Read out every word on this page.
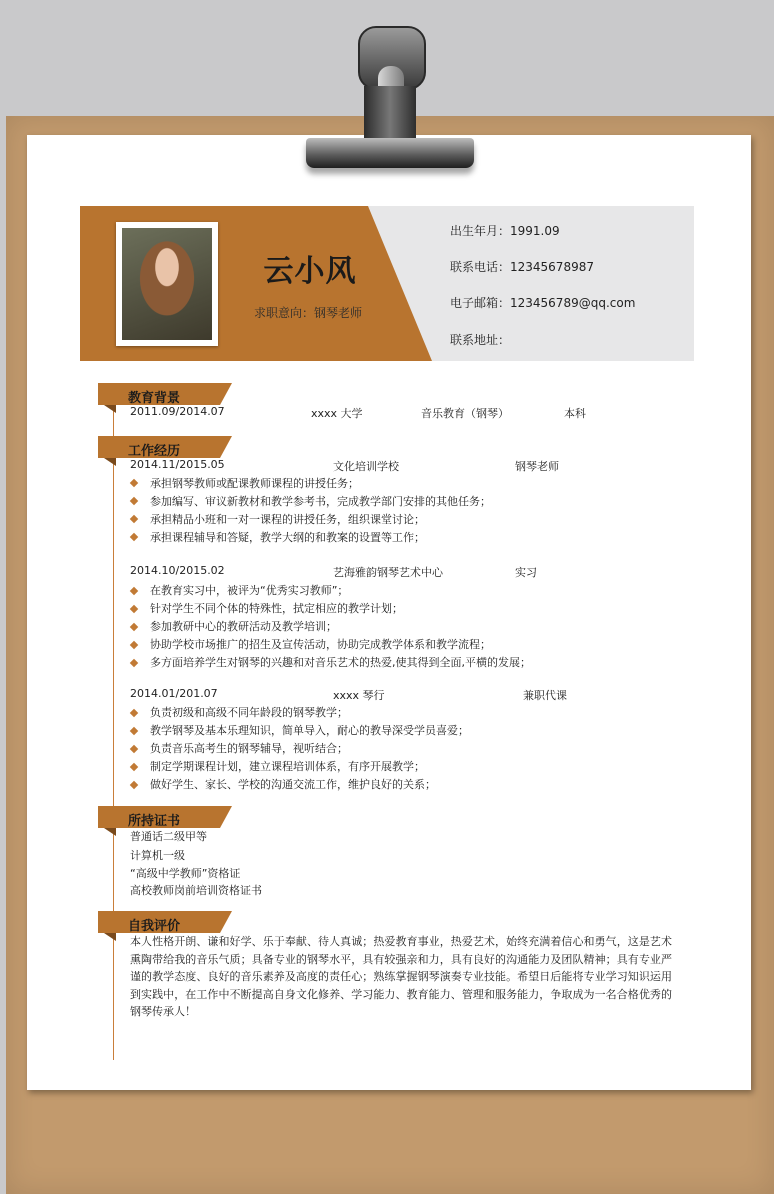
云小风
求职意向：钢琴老师
出生年月：1991.09
联系电话：12345678987
电子邮箱：123456789@qq.com
联系地址：
教育背景
2011.09/2014.07	xxxx 大学	音乐教育（钢琴）	本科
工作经历
2014.11/2015.05	文化培训学校	钢琴老师
承担钢琴教师或配课教师课程的讲授任务；
参加编写、审议新教材和教学参考书，完成教学部门安排的其他任务；
承担精品小班和一对一课程的讲授任务，组织课堂讨论；
承担课程辅导和答疑，教学大纲的和教案的设置等工作；
2014.10/2015.02	艺海雅韵钢琴艺术中心	实习
在教育实习中，被评为“优秀实习教师”；
针对学生不同个体的特殊性，拭定相应的教学计划；
参加教研中心的教研活动及教学培训；
协助学校市场推广的招生及宣传活动，协助完成教学体系和教学流程；
多方面培养学生对钢琴的兴趣和对音乐艺术的热爱,使其得到全面,平横的发展；
2014.01/201.07	xxxx 琴行	兼职代课
负责初级和高级不同年龄段的钢琴教学；
教学钢琴及基本乐理知识，简单导入，耐心的教导深受学员喜爱；
负责音乐高考生的钢琴辅导，视听结合；
制定学期课程计划，建立课程培训体系，有序开展教学；
做好学生、家长、学校的沟通交流工作，维护良好的关系；
所持证书
普通话二级甲等
计算机一级
“高级中学教师”资格证
高校教师岗前培训资格证书
自我评价
本人性格开朗、谦和好学、乐于奉献、待人真诚；热爱教育事业，热爱艺术，始终充满着信心和勇气，这是艺术熏陶带给我的音乐气质；具备专业的钢琴水平，具有较强亲和力，具有良好的沟通能力及团队精神；具有专业严谨的教学态度、良好的音乐素养及高度的责任心；熟练掌握钢琴演奏专业技能。希望日后能将专业学习知识运用到实践中，在工作中不断提高自身文化修养、学习能力、教育能力、管理和服务能力，争取成为一名合格优秀的钢琴传承人！
